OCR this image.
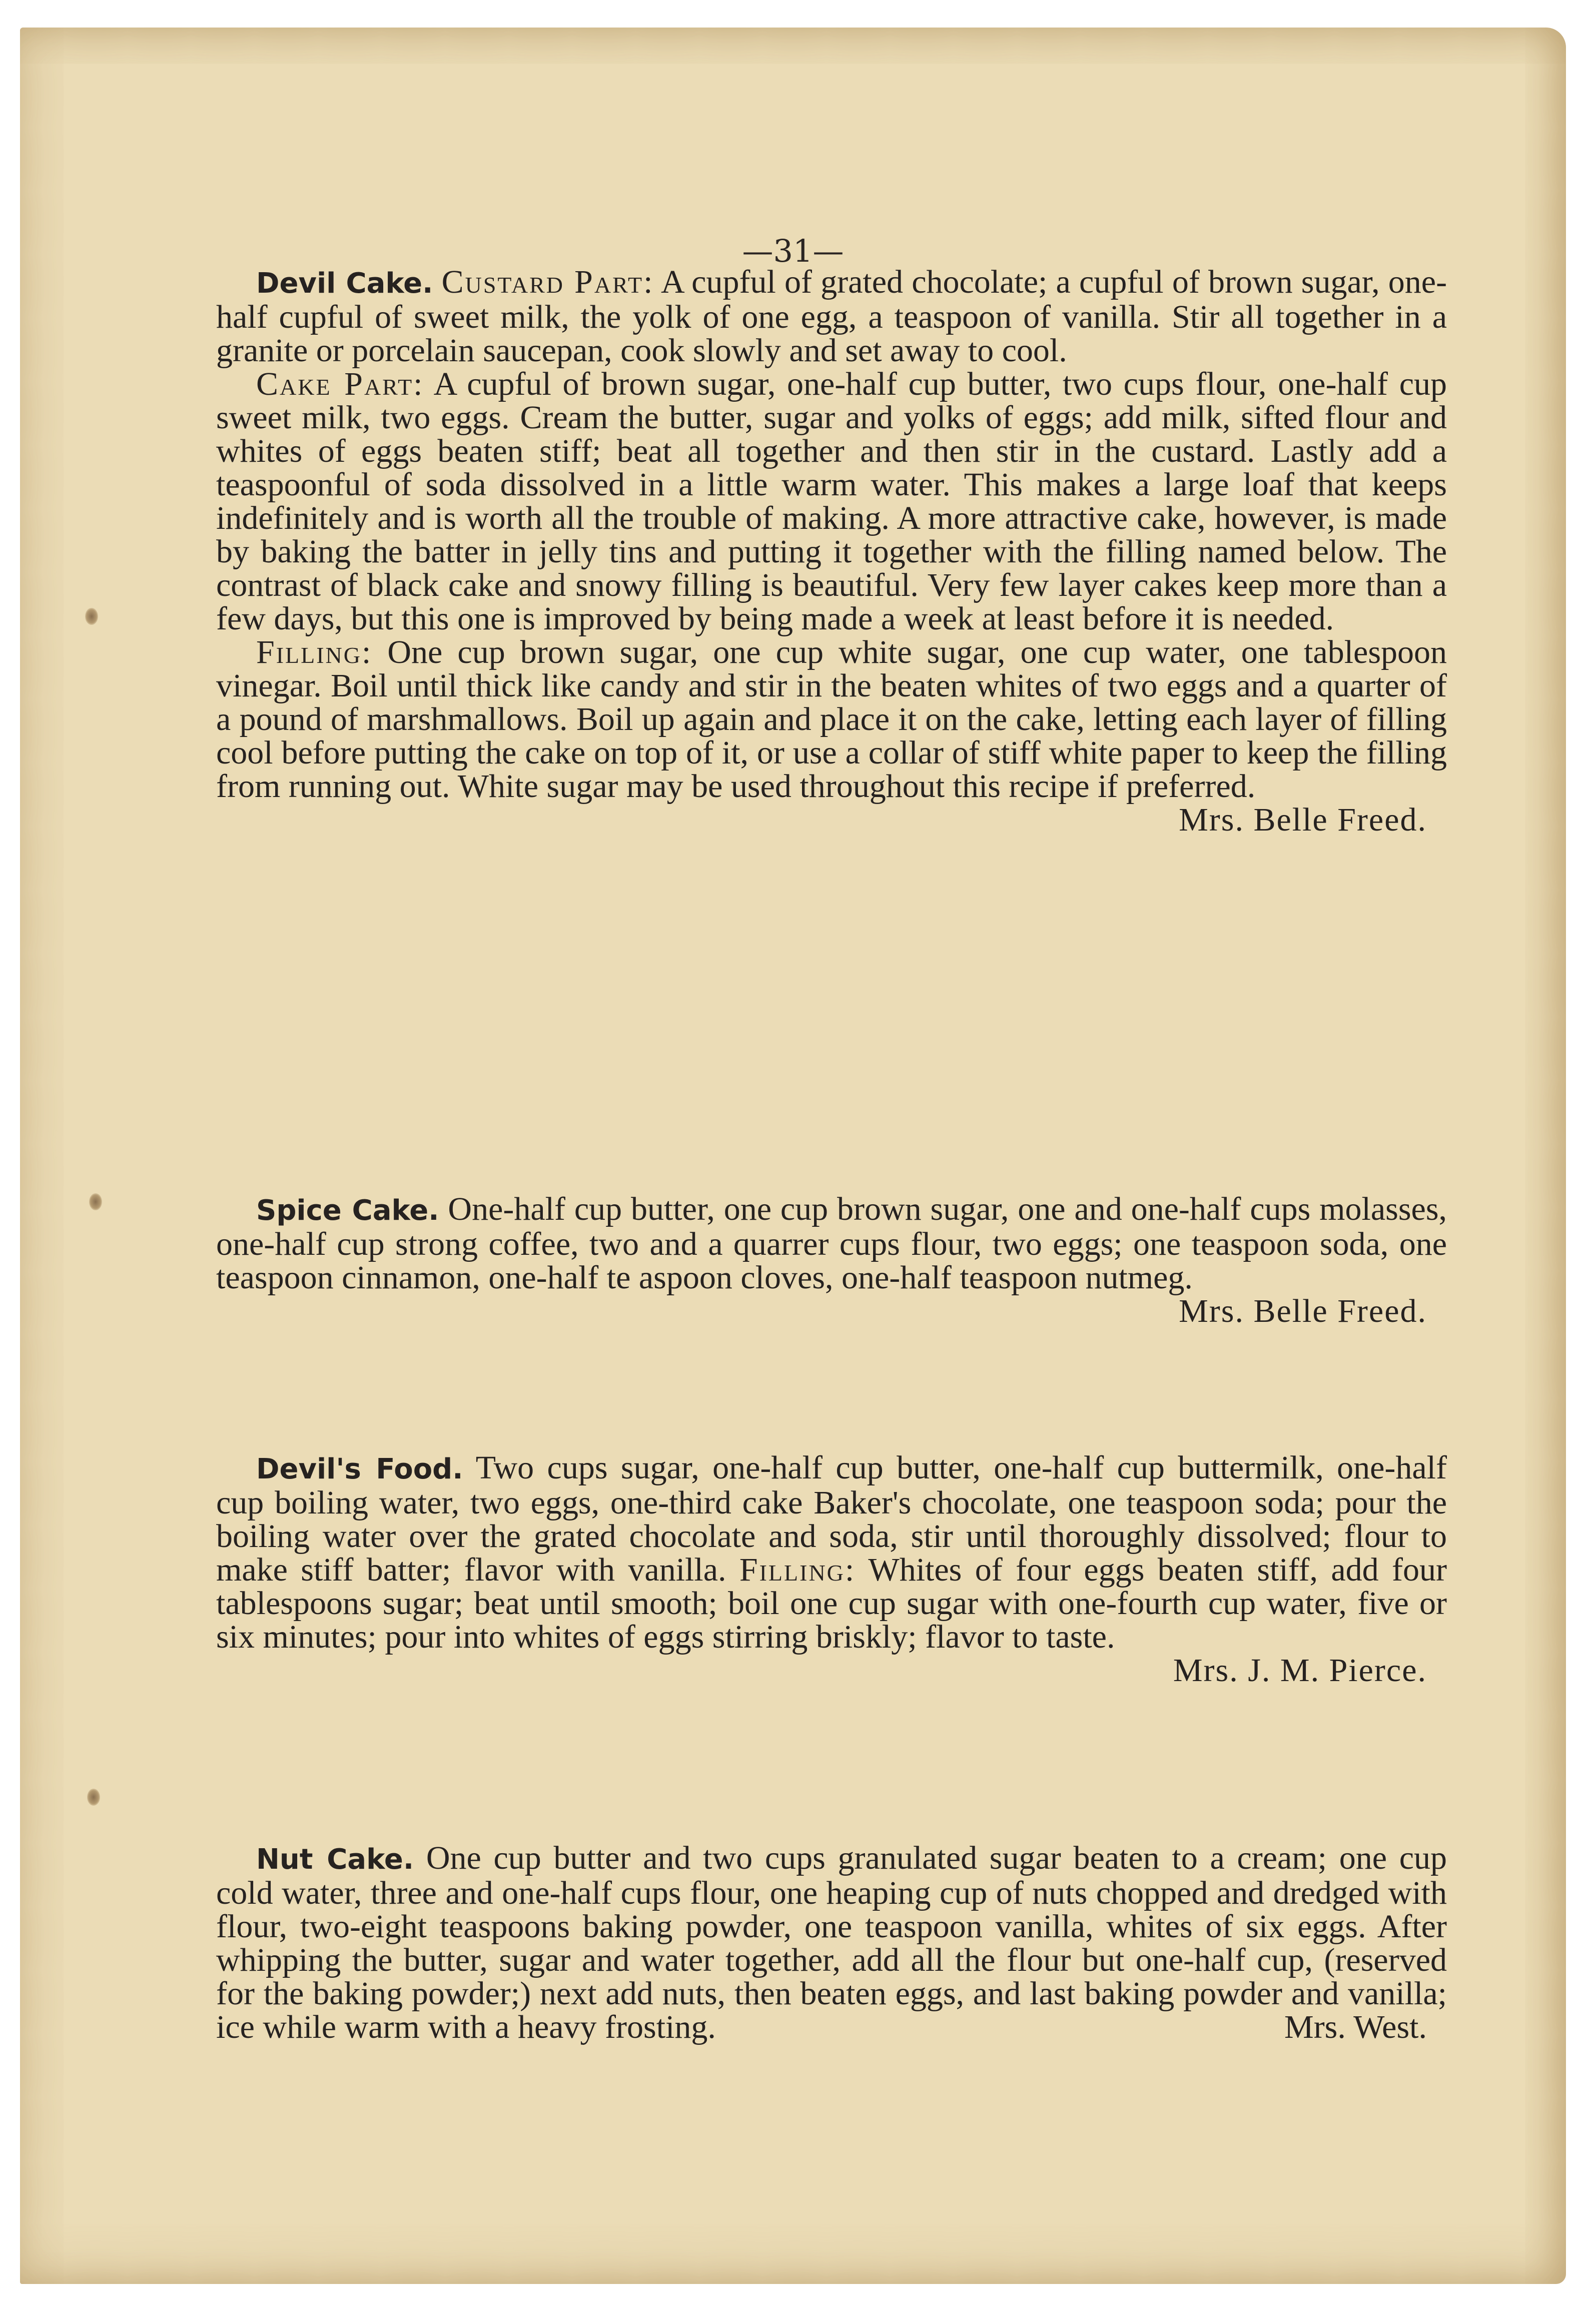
—31—

Devil Cake. Custard Part: A cupful of grated chocolate; a cupful of brown sugar, one-half cupful of sweet milk, the yolk of one egg, a teaspoon of vanilla. Stir all together in a granite or porcelain saucepan, cook slowly and set away to cool.

Cake Part: A cupful of brown sugar, one-half cup butter, two cups flour, one-half cup sweet milk, two eggs. Cream the butter, sugar and yolks of eggs; add milk, sifted flour and whites of eggs beaten stiff; beat all together and then stir in the custard. Lastly add a teaspoonful of soda dissolved in a little warm water. This makes a large loaf that keeps indefinitely and is worth all the trouble of making. A more attractive cake, however, is made by baking the batter in jelly tins and putting it together with the filling named below. The contrast of black cake and snowy filling is beautiful. Very few layer cakes keep more than a few days, but this one is improved by being made a week at least before it is needed.

Filling: One cup brown sugar, one cup white sugar, one cup water, one tablespoon vinegar. Boil until thick like candy and stir in the beaten whites of two eggs and a quarter of a pound of marshmallows. Boil up again and place it on the cake, letting each layer of filling cool before putting the cake on top of it, or use a collar of stiff white paper to keep the filling from running out. White sugar may be used throughout this recipe if preferred.

Mrs. Belle Freed.

Spice Cake. One-half cup butter, one cup brown sugar, one and one-half cups molasses, one-half cup strong coffee, two and a quarrer cups flour, two eggs; one teaspoon soda, one teaspoon cinnamon, one-half te aspoon cloves, one-half teaspoon nutmeg.

Mrs. Belle Freed.

Devil's Food. Two cups sugar, one-half cup butter, one-half cup buttermilk, one-half cup boiling water, two eggs, one-third cake Baker's chocolate, one teaspoon soda; pour the boiling water over the grated chocolate and soda, stir until thoroughly dissolved; flour to make stiff batter; flavor with vanilla. Filling: Whites of four eggs beaten stiff, add four tablespoons sugar; beat until smooth; boil one cup sugar with one-fourth cup water, five or six minutes; pour into whites of eggs stirring briskly; flavor to taste.

Mrs. J. M. Pierce.

Nut Cake. One cup butter and two cups granulated sugar beaten to a cream; one cup cold water, three and one-half cups flour, one heaping cup of nuts chopped and dredged with flour, two-eight teaspoons baking powder, one teaspoon vanilla, whites of six eggs. After whipping the butter, sugar and water together, add all the flour but one-half cup, (reserved for the baking powder;) next add nuts, then beaten eggs, and last baking powder and vanilla; ice while warm with a heavy frosting.	Mrs. West.
